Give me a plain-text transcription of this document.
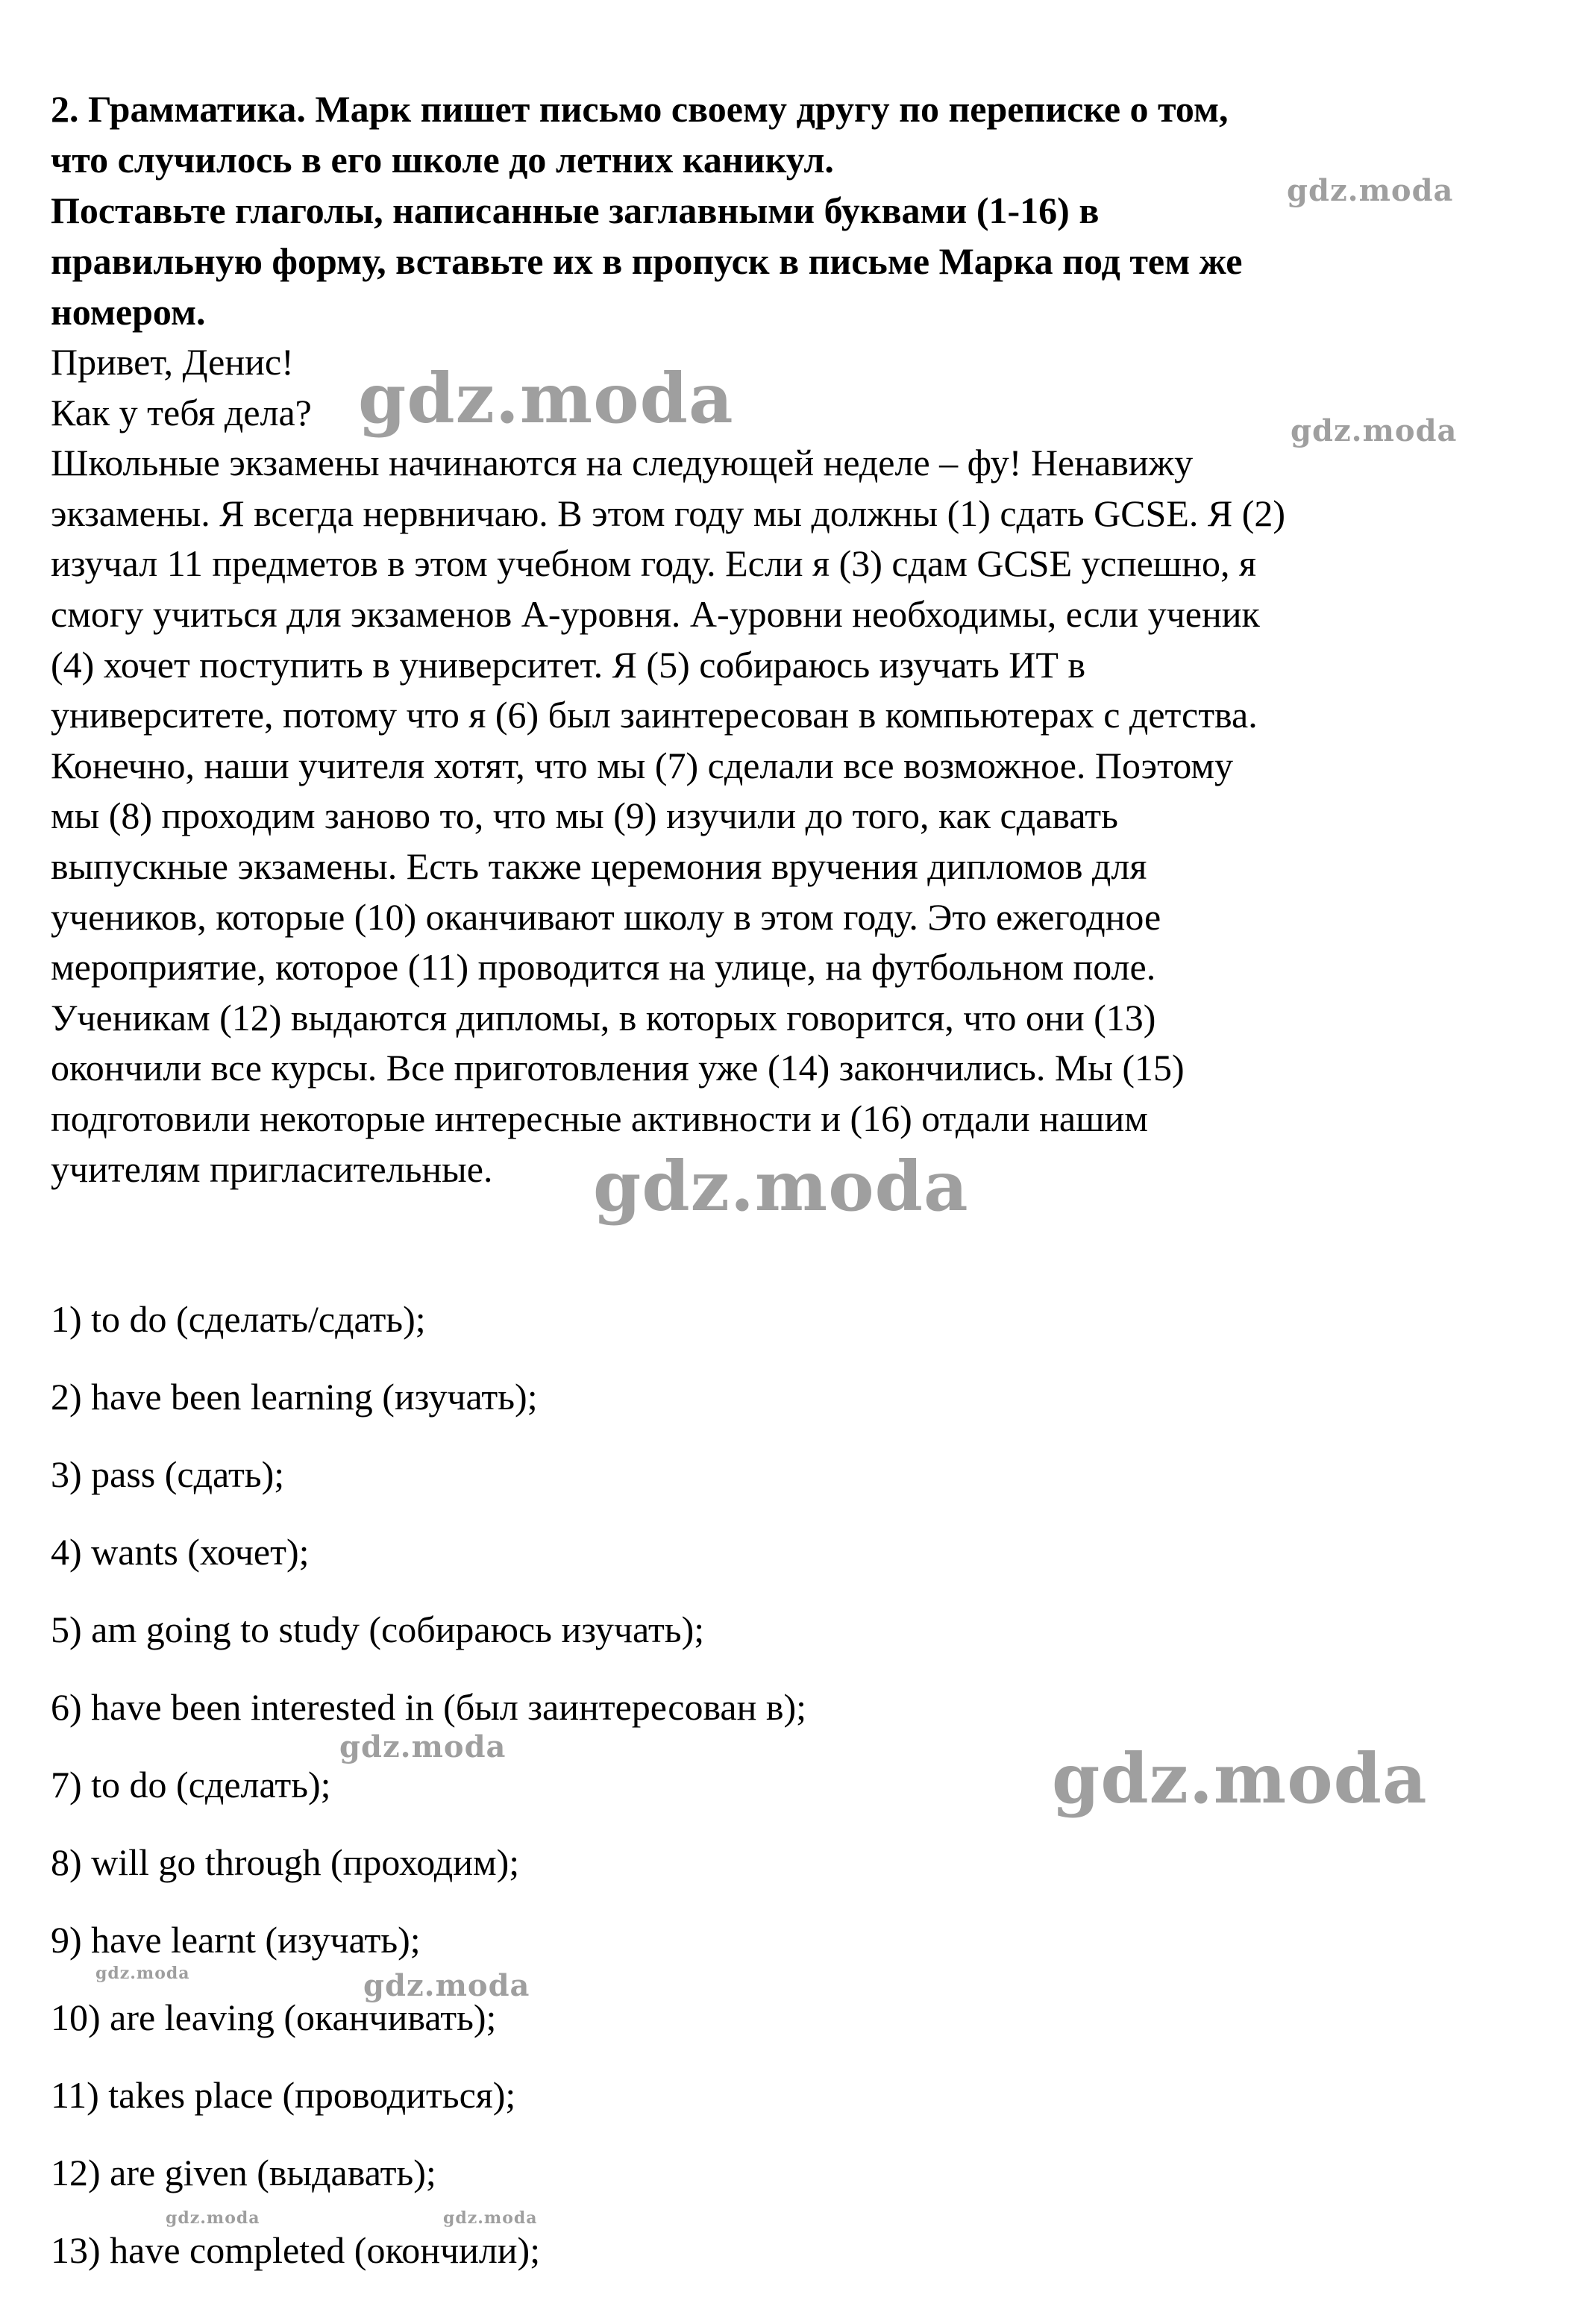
2. Грамматика. Марк пишет письмо своему другу по переписке о том,
что случилось в его школе до летних каникул.
Поставьте глаголы, написанные заглавными буквами (1-16) в
правильную форму, вставьте их в пропуск в письме Марка под тем же
номером.

Привет, Денис!

Как у тебя дела?

Школьные экзамены начинаются на следующей неделе – фу! Ненавижу

экзамены. Я всегда нервничаю. В этом году мы должны (1) сдать GCSE. Я (2)

изучал 11 предметов в этом учебном году. Если я (3) сдам GCSE успешно, я

смогу учиться для экзаменов А-уровня. А-уровни необходимы, если ученик

(4) хочет поступить в университет. Я (5) собираюсь изучать ИТ в

университете, потому что я (6) был заинтересован в компьютерах с детства.

Конечно, наши учителя хотят, что мы (7) сделали все возможное. Поэтому

мы (8) проходим заново то, что мы (9) изучили до того, как сдавать

выпускные экзамены. Есть также церемония вручения дипломов для

учеников, которые (10) оканчивают школу в этом году. Это ежегодное

мероприятие, которое (11) проводится на улице, на футбольном поле.

Ученикам (12) выдаются дипломы, в которых говорится, что они (13)

окончили все курсы. Все приготовления уже (14) закончились. Мы (15)

подготовили некоторые интересные активности и (16) отдали нашим

учителям пригласительные.

1) to do (сделать/сдать);
2) have been learning (изучать);
3) pass (сдать);
4) wants (хочет);
5) am going to study (собираюсь изучать);
6) have been interested in (был заинтересован в);
7) to do (сделать);
8) will go through (проходим);
9) have learnt (изучать);
10) are leaving (оканчивать);
11) takes place (проводиться);
12) are given (выдавать);
13) have completed (окончили);
gdz.moda
gdz.moda	gdz.moda
gdz.moda
gdz.moda	gdz.moda
gdz.moda	gdz.moda
gdz.moda	gdz.moda
